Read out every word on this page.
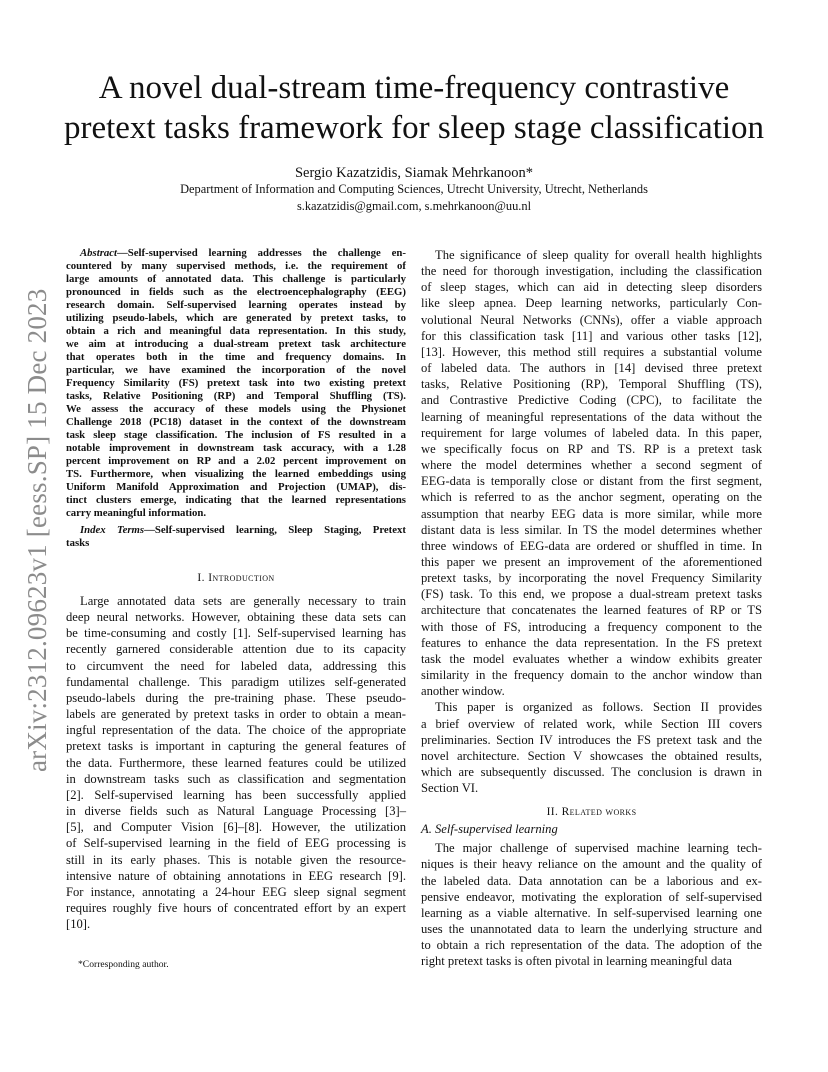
arXiv:2312.09623v1 [eess.SP] 15 Dec 2023
A novel dual-stream time-frequency contrastive
pretext tasks framework for sleep stage classification
Sergio Kazatzidis, Siamak Mehrkanoon*
Department of Information and Computing Sciences, Utrecht University, Utrecht, Netherlands
s.kazatzidis@gmail.com, s.mehrkanoon@uu.nl
Abstract—Self-supervised learning addresses the challenge en-
countered by many supervised methods, i.e. the requirement of
large amounts of annotated data. This challenge is particularly
pronounced in fields such as the electroencephalography (EEG)
research domain. Self-supervised learning operates instead by
utilizing pseudo-labels, which are generated by pretext tasks, to
obtain a rich and meaningful data representation. In this study,
we aim at introducing a dual-stream pretext task architecture
that operates both in the time and frequency domains. In
particular, we have examined the incorporation of the novel
Frequency Similarity (FS) pretext task into two existing pretext
tasks, Relative Positioning (RP) and Temporal Shuffling (TS).
We assess the accuracy of these models using the Physionet
Challenge 2018 (PC18) dataset in the context of the downstream
task sleep stage classification. The inclusion of FS resulted in a
notable improvement in downstream task accuracy, with a 1.28
percent improvement on RP and a 2.02 percent improvement on
TS. Furthermore, when visualizing the learned embeddings using
Uniform Manifold Approximation and Projection (UMAP), dis-
tinct clusters emerge, indicating that the learned representations
carry meaningful information.
Index Terms—Self-supervised learning, Sleep Staging, Pretext
tasks
I. Introduction
Large annotated data sets are generally necessary to train
deep neural networks. However, obtaining these data sets can
be time-consuming and costly [1]. Self-supervised learning has
recently garnered considerable attention due to its capacity
to circumvent the need for labeled data, addressing this
fundamental challenge. This paradigm utilizes self-generated
pseudo-labels during the pre-training phase. These pseudo-
labels are generated by pretext tasks in order to obtain a mean-
ingful representation of the data. The choice of the appropriate
pretext tasks is important in capturing the general features of
the data. Furthermore, these learned features could be utilized
in downstream tasks such as classification and segmentation
[2]. Self-supervised learning has been successfully applied
in diverse fields such as Natural Language Processing [3]–
[5], and Computer Vision [6]–[8]. However, the utilization
of Self-supervised learning in the field of EEG processing is
still in its early phases. This is notable given the resource-
intensive nature of obtaining annotations in EEG research [9].
For instance, annotating a 24-hour EEG sleep signal segment
requires roughly five hours of concentrated effort by an expert
[10].
*Corresponding author.
The significance of sleep quality for overall health highlights
the need for thorough investigation, including the classification
of sleep stages, which can aid in detecting sleep disorders
like sleep apnea. Deep learning networks, particularly Con-
volutional Neural Networks (CNNs), offer a viable approach
for this classification task [11] and various other tasks [12],
[13]. However, this method still requires a substantial volume
of labeled data. The authors in [14] devised three pretext
tasks, Relative Positioning (RP), Temporal Shuffling (TS),
and Contrastive Predictive Coding (CPC), to facilitate the
learning of meaningful representations of the data without the
requirement for large volumes of labeled data. In this paper,
we specifically focus on RP and TS. RP is a pretext task
where the model determines whether a second segment of
EEG-data is temporally close or distant from the first segment,
which is referred to as the anchor segment, operating on the
assumption that nearby EEG data is more similar, while more
distant data is less similar. In TS the model determines whether
three windows of EEG-data are ordered or shuffled in time. In
this paper we present an improvement of the aforementioned
pretext tasks, by incorporating the novel Frequency Similarity
(FS) task. To this end, we propose a dual-stream pretext tasks
architecture that concatenates the learned features of RP or TS
with those of FS, introducing a frequency component to the
features to enhance the data representation. In the FS pretext
task the model evaluates whether a window exhibits greater
similarity in the frequency domain to the anchor window than
another window.
This paper is organized as follows. Section II provides
a brief overview of related work, while Section III covers
preliminaries. Section IV introduces the FS pretext task and the
novel architecture. Section V showcases the obtained results,
which are subsequently discussed. The conclusion is drawn in
Section VI.
II. Related works
A. Self-supervised learning
The major challenge of supervised machine learning tech-
niques is their heavy reliance on the amount and the quality of
the labeled data. Data annotation can be a laborious and ex-
pensive endeavor, motivating the exploration of self-supervised
learning as a viable alternative. In self-supervised learning one
uses the unannotated data to learn the underlying structure and
to obtain a rich representation of the data. The adoption of the
right pretext tasks is often pivotal in learning meaningful data
